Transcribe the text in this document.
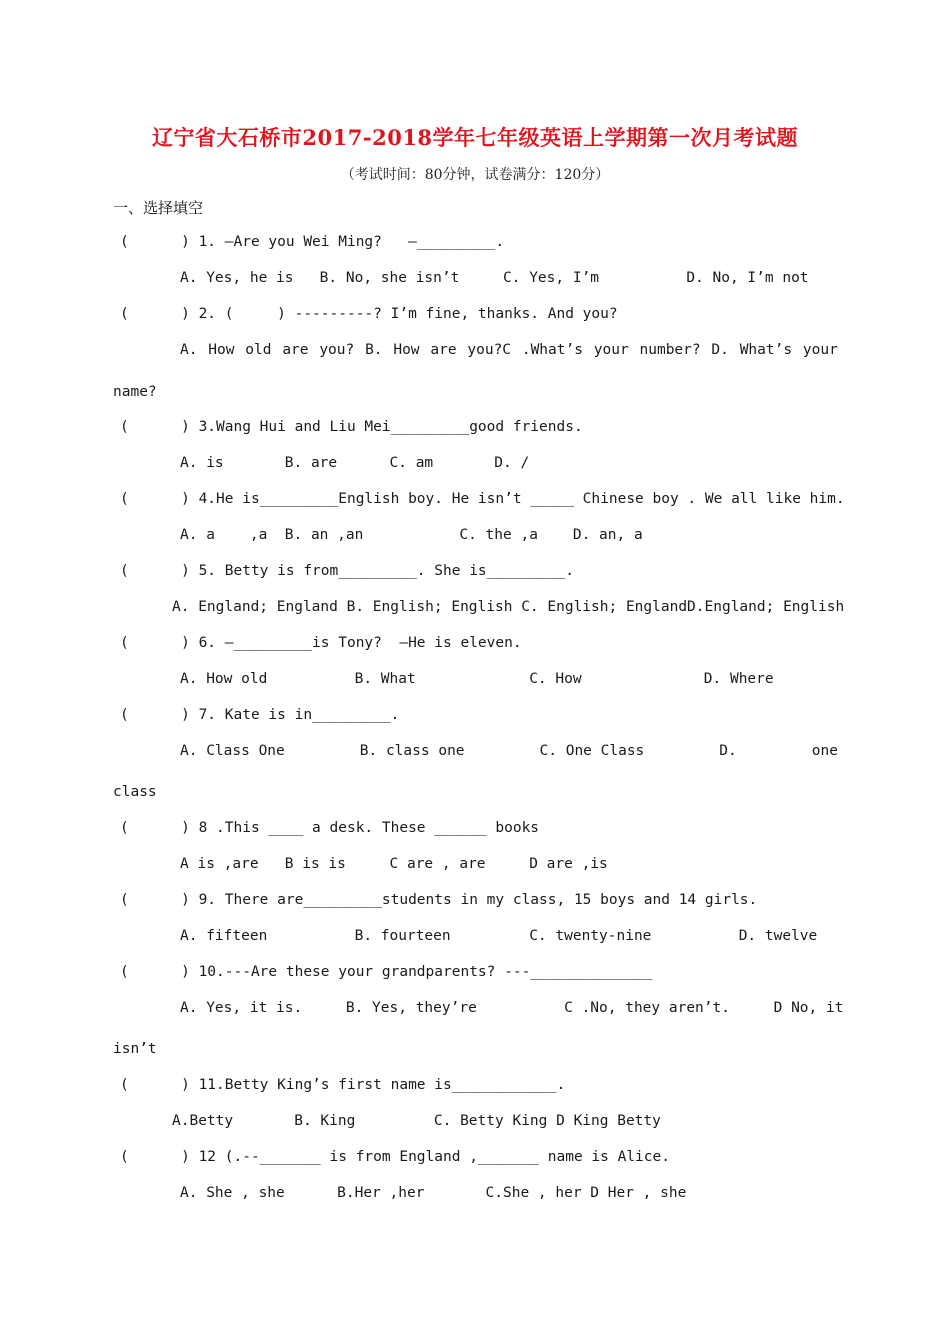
辽宁省大石桥市2017-2018学年七年级英语上学期第一次月考试题
（考试时间：80分钟，试卷满分：120分）
一、选择填空
(      ) 1. —Are you Wei Ming?   —_________.
A. Yes, he is   B. No, she isn’t     C. Yes, I’m          D. No, I’m not
(      ) 2. (     ) ---------? I’m fine, thanks. And you?
A. How old are you? B. How are you?C .What’s your number? D. What’s your
name?
(      ) 3.Wang Hui and Liu Mei_________good friends.
A. is       B. are      C. am       D. /
(      ) 4.He is_________English boy. He isn’t _____ Chinese boy . We all like him.
A. a    ,a  B. an ,an           C. the ,a    D. an, a
(      ) 5. Betty is from_________. She is_________.
A. England; England B. English; English C. English; EnglandD.England; English
(      ) 6. —_________is Tony?  —He is eleven.
A. How old          B. What             C. How              D. Where
(      ) 7. Kate is in_________.
A. Class One	B. class one	C. One Class	D.	one
class
(      ) 8 .This ____ a desk. These ______ books
A is ,are   B is is     C are , are     D are ,is
(      ) 9. There are_________students in my class, 15 boys and 14 girls.
A. fifteen          B. fourteen         C. twenty-nine          D. twelve
(      ) 10.---Are these your grandparents? ---______________
A. Yes, it is.     B. Yes, they’re          C .No, they aren’t.     D No, it
isn’t
(      ) 11.Betty King’s first name is____________.
A.Betty       B. King         C. Betty King D King Betty
(      ) 12 (.--_______ is from England ,_______ name is Alice.
A. She , she      B.Her ,her       C.She , her D Her , she
